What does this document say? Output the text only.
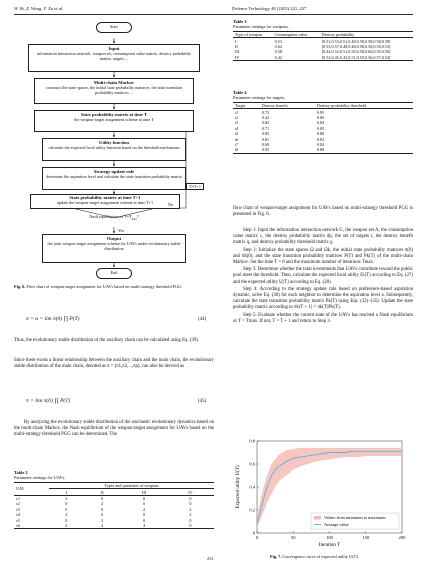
W. Bi, Z. Wang, Y. Xu et al.	Defence Technology 48 (2025) 221–237
Start
Input
information interaction network, weapon set, consumption value matrix, destroy probability matrix, targets ...
Multi-chain Markov
construct the state spaces, the initial state probability matrices, the state transition probability matrices ...
State probability matrix at time T
the weapon-target assignment scheme at time T
Utility function
calculate the expected local utility function based on the threshold mechanism
Strategy update rule
determine the aspiration level and calculate the state transition probability matrix
State probability matrix at time T+1
update the weapon-target assignment scheme at time T+1
T=T+1
Nash equilibrium or $T=T_{max}$?
No
Yes
Output
the joint weapon-target assignment scheme for UAVs under evolutionary stable distribution
End
Fig. 6. Flow chart of weapon-target assignment for UAVs based on multi-strategy threshold PGG.
π = α = lim π(0) ∏ P(T)	(44)
Thus, the evolutionary stable distribution of the auxiliary chain can be calculated using Eq. (39).
Since there exists a linear relationship between the auxiliary chain and the main chain, the evolutionary stable distribution of the main chain, denoted as π = (π1,π2,...,πρ), can also be derived as
π = lim π(0) ∏ P(T)	(45)
By analyzing the evolutionary stable distribution of the stochastic evolutionary dynamics based on the multi-chain Markov, the Nash equilibrium of the weapon-target assignment for UAVs based on the multi-strategy threshold PGG can be determined. The
Table 2
Parameter settings for UAVs.
UAV	Types and quantities of weapons			
	I	II	III	IV
v1	2	0	0	0
v2	0	2	0	0
v3	0	0	2	2
v4	2	0	0	2
v5	0	2	0	0
v6	2	2	4	0
231
Table 3
Parameter settings for weapons.
Type of weapon	Consumption value	Destroy probability
I	0.53	[0.51,0.53,0.51,0.48,0.58,0.58,0.58,0.58]
II	0.62	[0.55,0.57,0.48,0.48,0.58,0.58,0.50,0.53]
III	0.58	[0.44,0.52,0.51,0.50,0.58,0.60,0.50,0.50]
IV	0.42	[0.52,0.45,0.43,0.51,0.50,0.56,0.57,0.54]
Table 4
Parameter settings for targets.
Target	Destroy benefit	Destroy probability threshold
t1	0.72	0.95
t2	0.42	0.86
t3	0.82	0.84
t4	0.71	0.85
t5	0.85	0.80
t6	0.81	0.82
t7	0.69	0.82
t8	0.93	0.88
flow chart of weapon-target assignment for UAVs based on multi-strategy threshold PGG is presented in Fig. 6.
Step 1: Input the information interaction network G, the weapon set A, the consumption value matrix c, the destroy probability matrix dp, the set of targets t, the destroy benefit matrix q, and destroy probability threshold matrix χ.
Step 2: Initialize the state spaces Ω and Ωk, the initial state probability matrices π(0) and πk(0), and the state transition probability matrices P(T) and Pk(T) of the multi-chain Markov. Set the time T = 0 and the maximum number of iterations Tmax.
Step 3: Determine whether the total investments that UAVs contribute toward the public pool meet the threshold. Then, calculate the expected local utility Ei(T) according to Eq. (27) and the expected utility U(T) according to Eq. (28).
Step 4: According to the strategy update rule based on preference-based aspiration dynamic, solve Eq. (30) for each neighbor to determine the aspiration level a. Subsequently, calculate the state transition probability matrix Pk(T) using Eqs. (32)–(35). Update the state probability matrix according to πk(T + 1) = πk(T)Pk(T).
Step 5: Evaluate whether the current state of the UAVs has reached a Nash equilibrium or T = Tmax. If not, T = T + 1 and return to Step 3.
0	50	100	150	200
0
0.2
0.4
0.6
0.8
Iteration T
Expected utility U(T)
Values from minimum to maximum
Average value
Fig. 7. Convergence curve of expected utility U(T).
